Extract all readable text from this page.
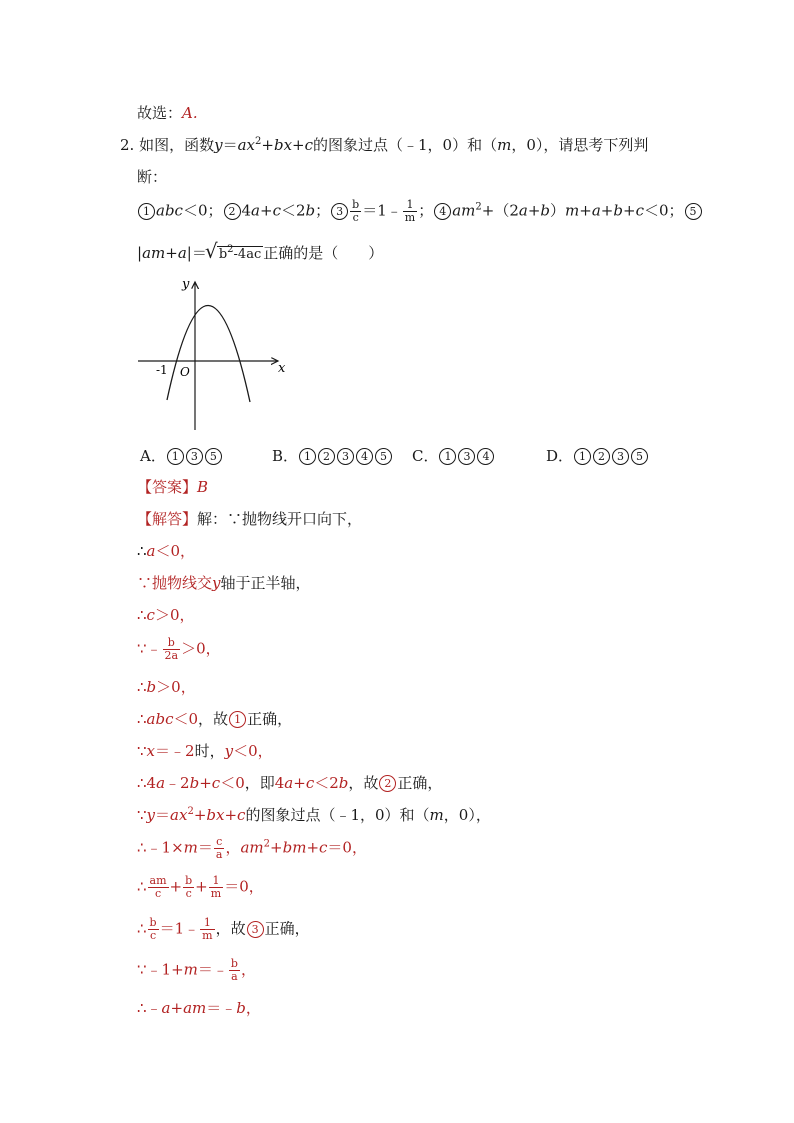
故选：A.
2. 如图，函数$y=ax^2+bx+c$的图象过点（﹣1，0）和（m，0），请思考下列判
断：
1 abc＜0； 2 4a+c＜2b； $3 \frac{b}{c}$ ＝1﹣ $\frac{1}{m}$ ； 4 $am^2+(2a+b)m+a+b+c<0$； 5
|am+a|＝
√ $b^2-4ac$ 正确的是（　　）
x
y
O
-1
A． 1 3 5	B． 1 2 3 4 5	C． 1 3 4	D． 1 2 3 5
【答案】B
【解答】解：∵抛物线开口向下，
∴a＜0，
∵抛物线交y轴于正半轴，
∴c＞0，
∵﹣ $\frac{b}{2a} >0$，
∴b＞0，
∴abc＜0，故 1 正确，
∵x＝﹣2时，y＜0，
∴4a﹣2b+c＜0，即4a+c＜2b，故 2 正确，
$\because y=ax^2+bx+c$的图象过点（﹣1，0）和（m，0），
∴﹣1×m＝ $\frac{c}{a}$ ，$am^2+bm+c=0$，
∴ $\frac{am}{c} + \frac{b}{c} + \frac{1}{m} =0$，
∴ $\frac{b}{c}$ ＝1﹣ $\frac{1}{m}$ ，故 3 正确，
∵﹣1+m＝﹣ $\frac{b}{a}$ ，
∴﹣a+am＝﹣b，
